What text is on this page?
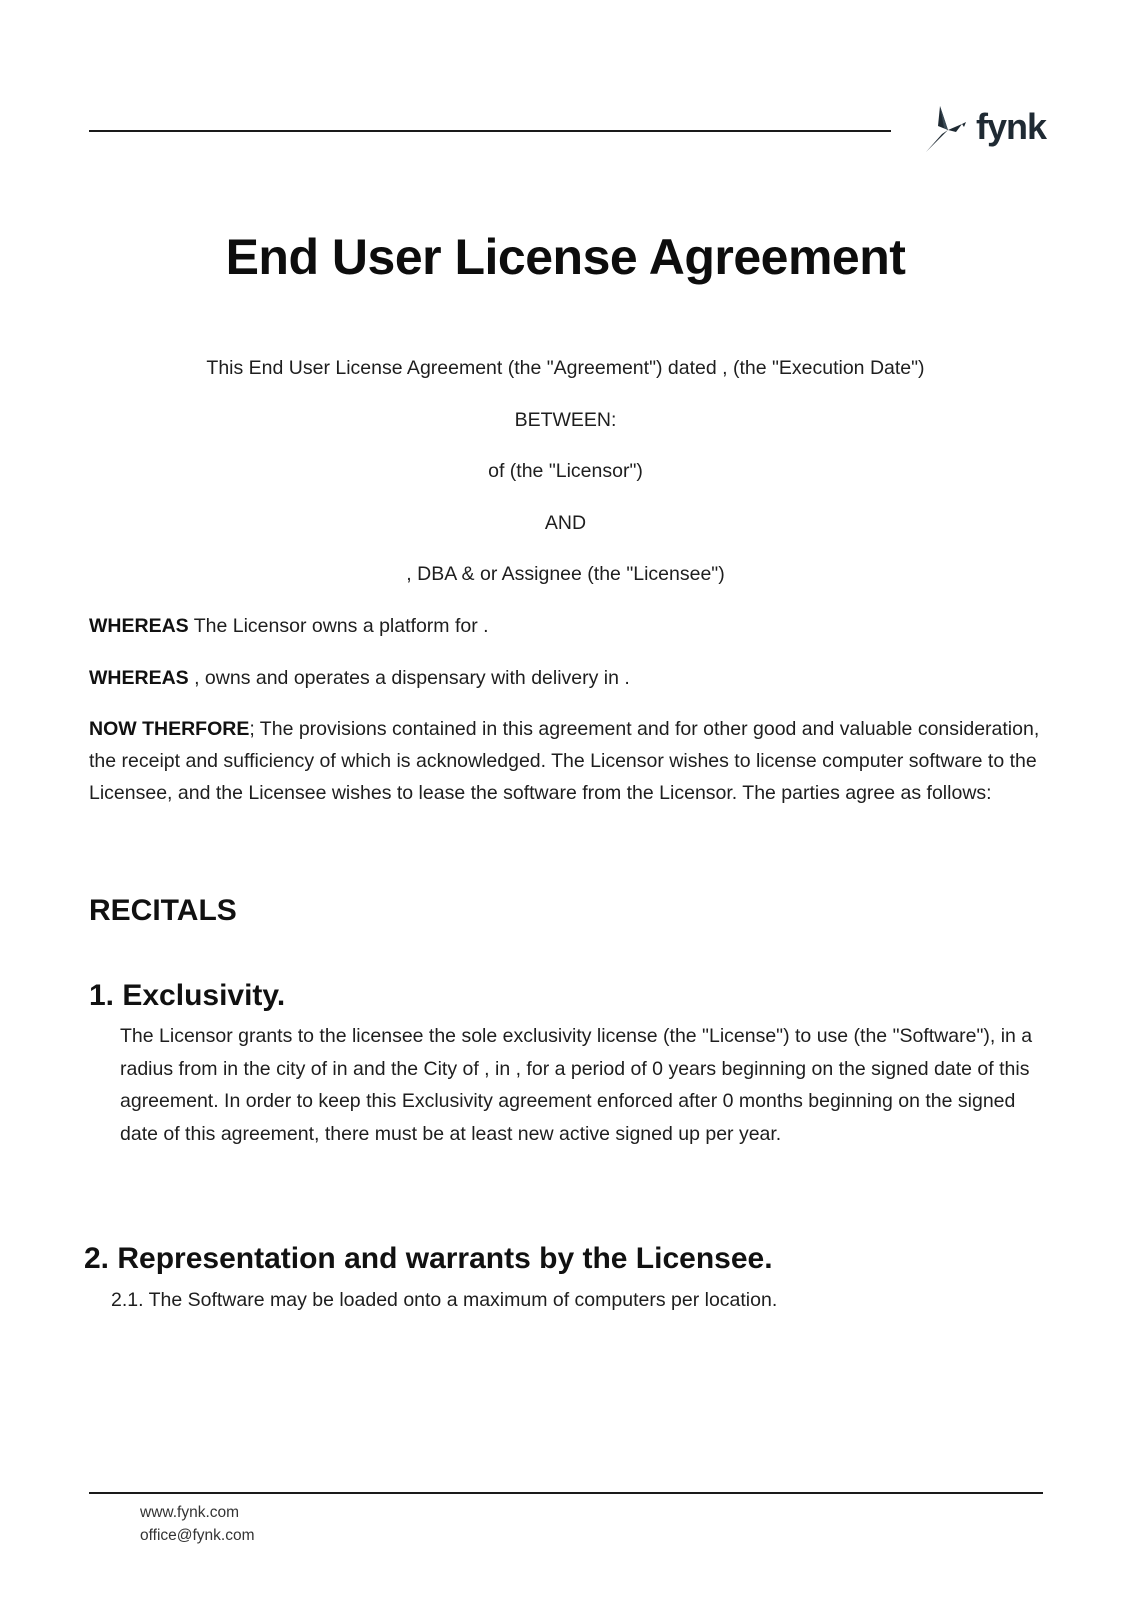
fynk
End User License Agreement
This End User License Agreement (the "Agreement") dated , (the "Execution Date")
BETWEEN:
of (the "Licensor")
AND
, DBA & or Assignee (the "Licensee")
WHEREAS The Licensor owns a platform for .
WHEREAS , owns and operates a dispensary with delivery in .
NOW THERFORE; The provisions contained in this agreement and for other good and valuable consideration, the receipt and sufficiency of which is acknowledged. The Licensor wishes to license computer software to the Licensee, and the Licensee wishes to lease the software from the Licensor. The parties agree as follows:
RECITALS
1. Exclusivity.
The Licensor grants to the licensee the sole exclusivity license (the "License") to use (the "Software"), in a radius from in the city of in and the City of , in , for a period of 0 years beginning on the signed date of this agreement. In order to keep this Exclusivity agreement enforced after 0 months beginning on the signed date of this agreement, there must be at least new active signed up per year.
2. Representation and warrants by the Licensee.
2.1. The Software may be loaded onto a maximum of computers per location.
www.fynk.com
office@fynk.com
